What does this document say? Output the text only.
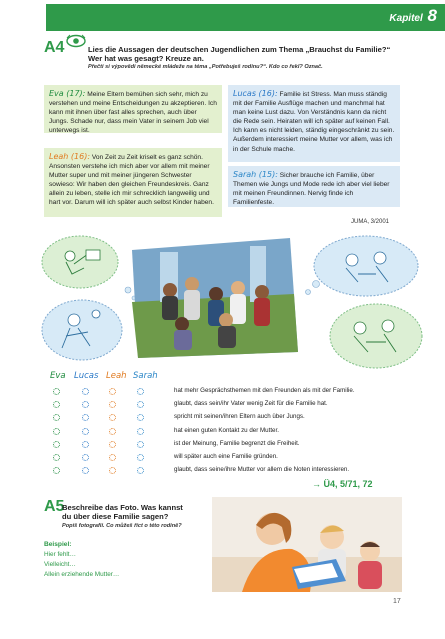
Kapitel 8
A4	Lies die Aussagen der deutschen Jugendlichen zum Thema „Brauchst du Familie?“ Wer hat was gesagt? Kreuze an.
Přečti si výpovědi německé mládeže na téma „Potřebuješ rodinu?“. Kdo co řekl? Označ.
Eva (17): Meine Eltern bemühen sich sehr, mich zu verstehen und meine Entscheidungen zu akzeptieren. Ich kann mit ihnen über fast alles sprechen, auch über Jungs. Schade nur, dass mein Vater in seinem Job viel unterwegs ist.
Lucas (16): Familie ist Stress. Man muss ständig mit der Familie Ausflüge machen und manchmal hat man keine Lust dazu. Von Verständnis kann da nicht die Rede sein. Heiraten will ich später auf keinen Fall. Ich kann es nicht leiden, ständig eingeschränkt zu sein. Außerdem interessiert meine Mutter vor allem, was ich in der Schule mache.
Leah (16): Von Zeit zu Zeit kriselt es ganz schön. Ansonsten verstehe ich mich aber vor allem mit meiner Mutter super und mit meiner jüngeren Schwester sowieso: Wir haben den gleichen Freundeskreis. Ganz allein zu leben, stelle ich mir schrecklich langweilig und hart vor. Darum will ich später auch selbst Kinder haben.
Sarah (15): Sicher brauche ich Familie, über Themen wie Jungs und Mode rede ich aber viel lieber mit meinen Freundinnen. Nervig finde ich Familienfeste.
JUMA, 3/2001
Eva Lucas Leah Sarah
hat mehr Gesprächsthemen mit den Freunden als mit der Familie.
glaubt, dass sein/ihr Vater wenig Zeit für die Familie hat.
spricht mit seinen/ihren Eltern auch über Jungs.
hat einen guten Kontakt zu der Mutter.
ist der Meinung, Familie begrenzt die Freiheit.
will später auch eine Familie gründen.
glaubt, dass seine/ihre Mutter vor allem die Noten interessieren.
→ Ü4, 5/71, 72
A5
Beschreibe das Foto. Was kannst du über diese Familie sagen?
Popiš fotografii. Co můžeš říct o této rodině?
Beispiel:
Hier fehlt…
Vielleicht…
Allein erziehende Mutter…
17
